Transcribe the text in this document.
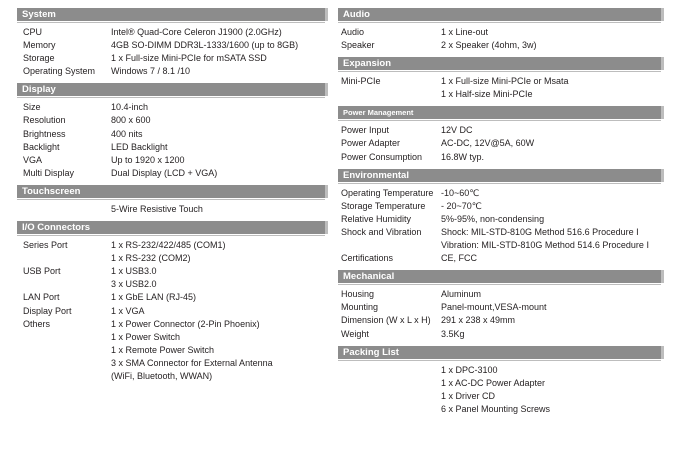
System
CPU	Intel® Quad-Core Celeron J1900 (2.0GHz)
Memory	4GB SO-DIMM DDR3L-1333/1600 (up to 8GB)
Storage	1 x Full-size Mini-PCIe for mSATA SSD
Operating System	Windows 7 / 8.1 /10
Display
Size	10.4-inch
Resolution	800 x 600
Brightness	400 nits
Backlight	LED Backlight
VGA	Up to 1920 x 1200
Multi Display	Dual Display (LCD + VGA)
Touchscreen
5-Wire Resistive Touch
I/O Connectors
Series Port	1 x RS-232/422/485 (COM1)
1 x RS-232 (COM2)
USB Port	1 x USB3.0
3 x USB2.0
LAN Port	1 x GbE LAN (RJ-45)
Display Port	1 x VGA
Others	1 x Power Connector (2-Pin Phoenix)
1 x Power Switch
1 x Remote Power Switch
3 x SMA Connector for External Antenna
(WiFi, Bluetooth, WWAN)
Audio
Audio	1 x Line-out
Speaker	2 x Speaker (4ohm, 3w)
Expansion
Mini-PCIe	1 x Full-size Mini-PCIe or Msata
1 x Half-size Mini-PCIe
Power Management
Power Input	12V DC
Power Adapter	AC-DC, 12V@5A, 60W
Power Consumption	16.8W typ.
Environmental
Operating Temperature -10~60℃
Storage Temperature	- 20~70℃
Relative Humidity	5%-95%, non-condensing
Shock and Vibration	Shock: MIL-STD-810G Method 516.6 Procedure I
Vibration: MIL-STD-810G Method 514.6 Procedure I
Certifications	CE, FCC
Mechanical
Housing	Aluminum
Mounting	Panel-mount,VESA-mount
Dimension (W x L x H)	291 x 238 x 49mm
Weight	3.5Kg
Packing List
1 x DPC-3100
1 x AC-DC Power Adapter
1 x Driver CD
6 x Panel Mounting Screws
